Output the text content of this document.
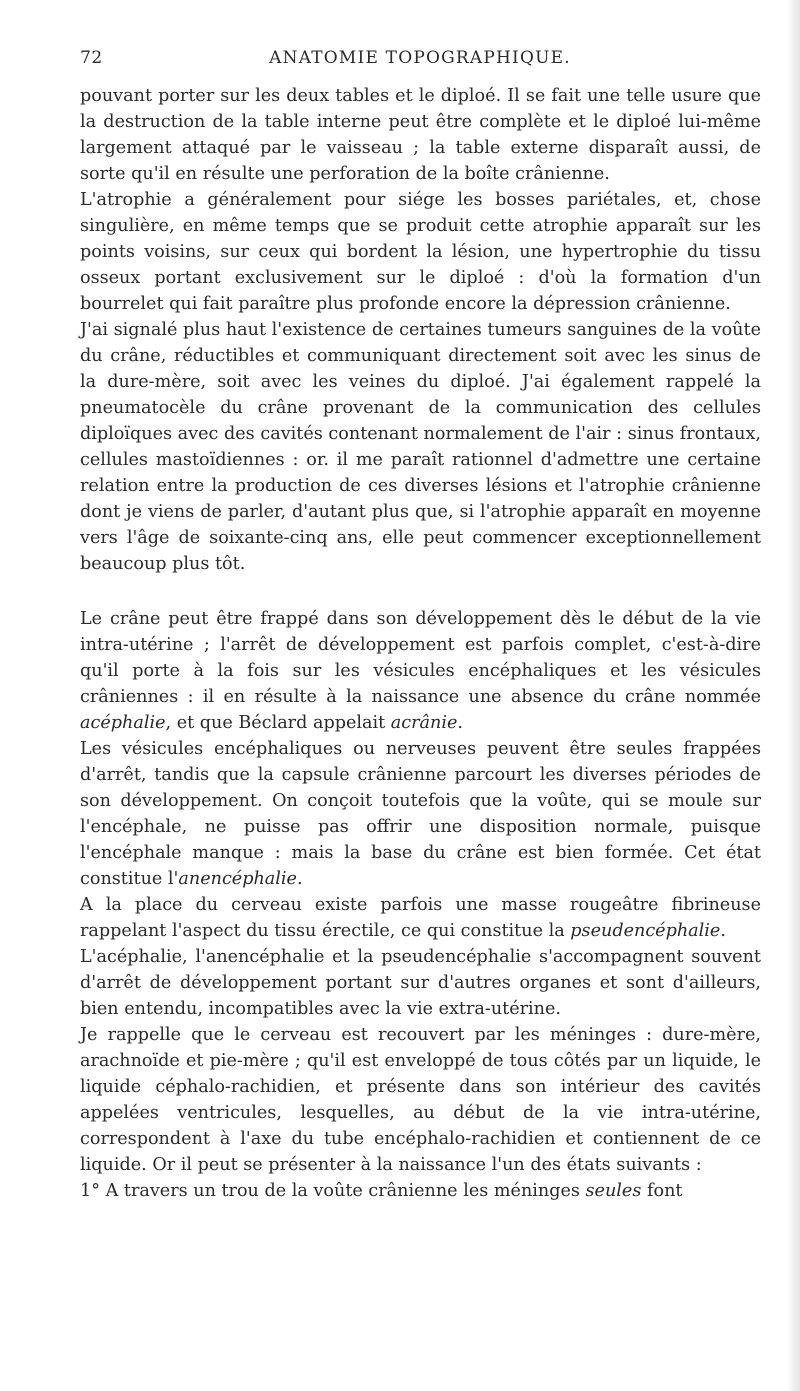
72	ANATOMIE TOPOGRAPHIQUE.

pouvant porter sur les deux tables et le diploé. Il se fait une telle usure que la destruction de la table interne peut être complète et le diploé lui-même largement attaqué par le vaisseau ; la table externe disparaît aussi, de sorte qu'il en résulte une perforation de la boîte crânienne.

L'atrophie a généralement pour siége les bosses pariétales, et, chose singulière, en même temps que se produit cette atrophie apparaît sur les points voisins, sur ceux qui bordent la lésion, une hypertrophie du tissu osseux portant exclusivement sur le diploé : d'où la formation d'un bourrelet qui fait paraître plus profonde encore la dépression crânienne.

J'ai signalé plus haut l'existence de certaines tumeurs sanguines de la voûte du crâne, réductibles et communiquant directement soit avec les sinus de la dure-mère, soit avec les veines du diploé. J'ai également rappelé la pneumatocèle du crâne provenant de la communication des cellules diploïques avec des cavités contenant normalement de l'air : sinus frontaux, cellules mastoïdiennes : or. il me paraît rationnel d'admettre une certaine relation entre la production de ces diverses lésions et l'atrophie crânienne dont je viens de parler, d'autant plus que, si l'atrophie apparaît en moyenne vers l'âge de soixante-cinq ans, elle peut commencer exceptionnellement beaucoup plus tôt.

Le crâne peut être frappé dans son développement dès le début de la vie intra-utérine ; l'arrêt de développement est parfois complet, c'est-à-dire qu'il porte à la fois sur les vésicules encéphaliques et les vésicules crâniennes : il en résulte à la naissance une absence du crâne nommée acéphalie, et que Béclard appelait acrânie.

Les vésicules encéphaliques ou nerveuses peuvent être seules frappées d'arrêt, tandis que la capsule crânienne parcourt les diverses périodes de son développement. On conçoit toutefois que la voûte, qui se moule sur l'encéphale, ne puisse pas offrir une disposition normale, puisque l'encéphale manque : mais la base du crâne est bien formée. Cet état constitue l'anencéphalie.

A la place du cerveau existe parfois une masse rougeâtre fibrineuse rappelant l'aspect du tissu érectile, ce qui constitue la pseudencéphalie.

L'acéphalie, l'anencéphalie et la pseudencéphalie s'accompagnent souvent d'arrêt de développement portant sur d'autres organes et sont d'ailleurs, bien entendu, incompatibles avec la vie extra-utérine.

Je rappelle que le cerveau est recouvert par les méninges : dure-mère, arachnoïde et pie-mère ; qu'il est enveloppé de tous côtés par un liquide, le liquide céphalo-rachidien, et présente dans son intérieur des cavités appelées ventricules, lesquelles, au début de la vie intra-utérine, correspondent à l'axe du tube encéphalo-rachidien et contiennent de ce liquide. Or il peut se présenter à la naissance l'un des états suivants :

1° A travers un trou de la voûte crânienne les méninges seules font
